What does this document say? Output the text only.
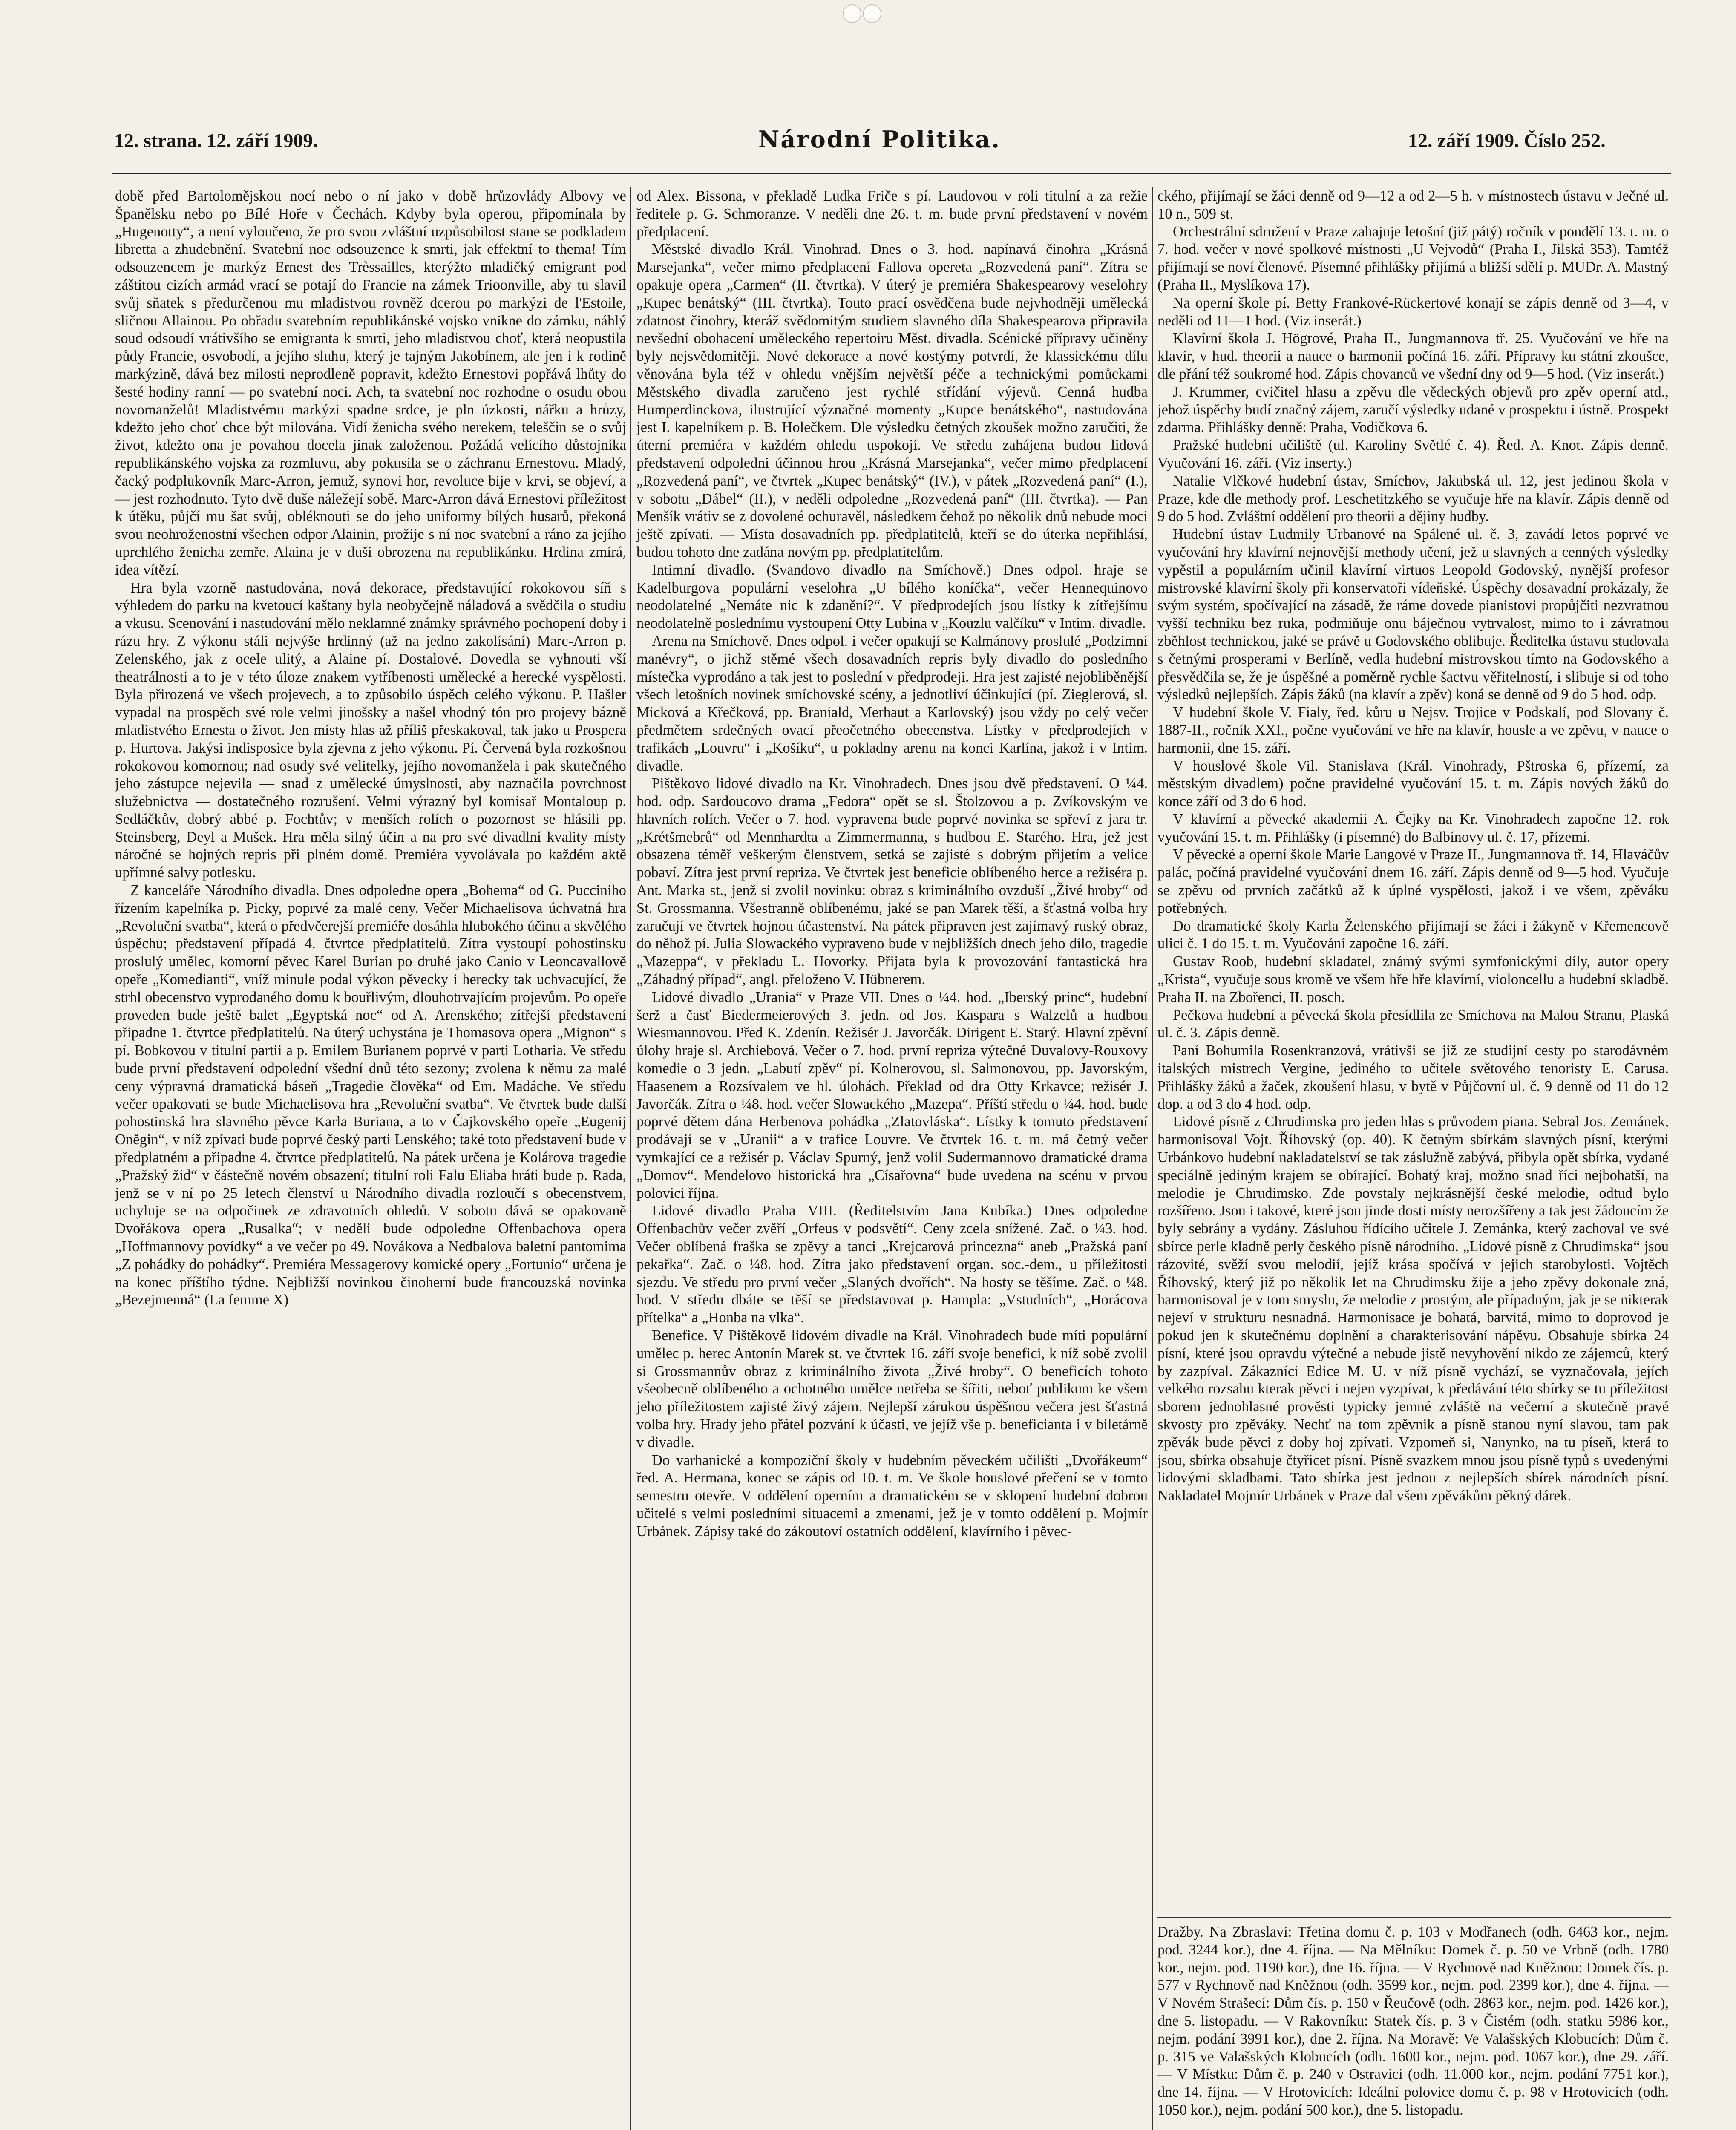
12. strana. 12. září 1909.	Národní Politika.	12. září 1909. Číslo 252.

době před Bartolomějskou nocí nebo o ní jako v době hrůzovlády Albovy ve Španělsku nebo po Bílé Hoře v Čechách. Kdyby byla operou, připomínala by „Hugenotty“, a není vyloučeno, že pro svou zvláštní uzpůsobilost stane se podkladem libretta a zhudebnění. Svatební noc odsouzence k smrti, jak effektní to thema! Tím odsouzencem je markýz Ernest des Trèssailles, kterýžto mladičký emigrant pod záštitou cizích armád vrací se potají do Francie na zámek Trioonville, aby tu slavil svůj sňatek s předurčenou mu mladistvou rovněž dcerou po markýzi de l'Estoile, sličnou Allainou. Po obřadu svatebním republikánské vojsko vnikne do zámku, náhlý soud odsoudí vrátivšího se emigranta k smrti, jeho mladistvou choť, která neopustila půdy Francie, osvobodí, a jejího sluhu, který je tajným Jakobínem, ale jen i k rodině markýzině, dává bez milosti neprodleně popravit, kdežto Ernestovi popřává lhůty do šesté hodiny ranní — po svatební noci. Ach, ta svatební noc rozhodne o osudu obou novomanželů! Mladistvému markýzi spadne srdce, je pln úzkosti, nářku a hrůzy, kdežto jeho choť chce být milována. Vidí ženicha svého nerekem, teleščin se o svůj život, kdežto ona je povahou docela jinak založenou. Požádá velícího důstojníka republikánského vojska za rozmluvu, aby pokusila se o záchranu Ernestovu. Mladý, čacký podplukovník Marc-Arron, jemuž, synovi hor, revoluce bije v krvi, se objeví, a — jest rozhodnuto. Tyto dvě duše náležejí sobě. Marc-Arron dává Ernestovi příležitost k útěku, půjčí mu šat svůj, obléknouti se do jeho uniformy bílých husarů, překoná svou neohroženostní všechen odpor Alainin, prožije s ní noc svatební a ráno za jejího uprchlého ženicha zemře. Alaina je v duši obrozena na republikánku. Hrdina zmírá, idea vítězí.

Hra byla vzorně nastudována, nová dekorace, představující rokokovou síň s výhledem do parku na kvetoucí kaštany byla neobyčejně náladová a svědčila o studiu a vkusu. Scenování i nastudování mělo neklamné známky správného pochopení doby i rázu hry. Z výkonu stáli nejvýše hrdinný (až na jedno zakolísání) Marc-Arron p. Zelenského, jak z ocele ulitý, a Alaine pí. Dostalové. Dovedla se vyhnouti vší theatrálnosti a to je v této úloze znakem vytříbenosti umělecké a herecké vyspělosti. Byla přirozená ve všech projevech, a to způsobilo úspěch celého výkonu. P. Hašler vypadal na prospěch své role velmi jinošsky a našel vhodný tón pro projevy bázně mladistvého Ernesta o život. Jen místy hlas až příliš přeskakoval, tak jako u Prospera p. Hurtova. Jakýsi indisposice byla zjevna z jeho výkonu. Pí. Červená byla rozkošnou rokokovou komornou; nad osudy své velitelky, jejího novomanžela i pak skutečného jeho zástupce nejevila — snad z umělecké úmyslnosti, aby naznačila povrchnost služebnictva — dostatečného rozrušení. Velmi výrazný byl komisař Montaloup p. Sedláčkův, dobrý abbé p. Fochtův; v menších rolích o pozornost se hlásili pp. Steinsberg, Deyl a Mušek. Hra měla silný účin a na pro své divadlní kvality místy náročné se hojných repris při plném domě. Premiéra vyvolávala po každém aktě upřímné salvy potlesku.

Z kanceláře Národního divadla. Dnes odpoledne opera „Bohema“ od G. Pucciniho řízením kapelníka p. Picky, poprvé za malé ceny. Večer Michaelisova úchvatná hra „Revoluční svatba“, která o předvčerejší premiéře dosáhla hlubokého účinu a skvělého úspěchu; představení případá 4. čtvrtce předplatitelů. Zítra vystoupí pohostinsku proslulý umělec, komorní pěvec Karel Burian po druhé jako Canio v Leoncavallově opeře „Komedianti“, vníž minule podal výkon pěvecky i herecky tak uchvacující, že strhl obecenstvo vyprodaného domu k bouřlivým, dlouhotrvajícím projevům. Po opeře proveden bude ještě balet „Egyptská noc“ od A. Arenského; zítřejší představení připadne 1. čtvrtce předplatitelů. Na úterý uchystána je Thomasova opera „Mignon“ s pí. Bobkovou v titulní partii a p. Emilem Burianem poprvé v parti Lotharia. Ve středu bude první představení odpolední všední dnů této sezony; zvolena k němu za malé ceny výpravná dramatická báseň „Tragedie člověka“ od Em. Madáche. Ve středu večer opakovati se bude Michaelisova hra „Revoluční svatba“. Ve čtvrtek bude další pohostinská hra slavného pěvce Karla Buriana, a to v Čajkovského opeře „Eugenij Oněgin“, v níž zpívati bude poprvé český parti Lenského; také toto představení bude v předplatném a připadne 4. čtvrtce předplatitelů. Na pátek určena je Kolárova tragedie „Pražský žid“ v částečně novém obsazení; titulní roli Falu Eliaba hráti bude p. Rada, jenž se v ní po 25 letech členství u Národního divadla rozloučí s obecenstvem, uchyluje se na odpočinek ze zdravotních ohledů. V sobotu dává se opakovaně Dvořákova opera „Rusalka“; v neděli bude odpoledne Offenbachova opera „Hoffmannovy povídky“ a ve večer po 49. Novákova a Nedbalova baletní pantomima „Z pohádky do pohádky“. Premiéra Messagerovy komické opery „Fortunio“ určena je na konec příštího týdne. Nejbližší novinkou činoherní bude francouzská novinka „Bezejmenná“ (La femme X)

od Alex. Bissona, v překladě Ludka Friče s pí. Laudovou v roli titulní a za režie ředitele p. G. Schmoranze. V neděli dne 26. t. m. bude první představení v novém předplacení.

Městské divadlo Král. Vinohrad. Dnes o 3. hod. napínavá činohra „Krásná Marsejanka“, večer mimo předplacení Fallova opereta „Rozvedená paní“. Zítra se opakuje opera „Carmen“ (II. čtvrtka). V úterý je premiéra Shakespearovy veselohry „Kupec benátský“ (III. čtvrtka). Touto prací osvědčena bude nejvhodněji umělecká zdatnost činohry, kteráž svědomitým studiem slavného díla Shakespearova připravila nevšední obohacení uměleckého repertoiru Měst. divadla. Scénické přípravy učiněny byly nejsvědomitěji. Nové dekorace a nové kostýmy potvrdí, že klassickému dílu věnována byla též v ohledu vnějším největší péče a technickými pomůckami Městského divadla zaručeno jest rychlé střídání výjevů. Cenná hudba Humperdinckova, ilustrující význačné momenty „Kupce benátského“, nastudována jest I. kapelníkem p. B. Holečkem. Dle výsledku četných zkoušek možno zaručiti, že úterní premiéra v každém ohledu uspokojí. Ve středu zahájena budou lidová představení odpoledni účinnou hrou „Krásná Marsejanka“, večer mimo předplacení „Rozvedená paní“, ve čtvrtek „Kupec benátský“ (IV.), v pátek „Rozvedená paní“ (I.), v sobotu „Dábel“ (II.), v neděli odpoledne „Rozvedená paní“ (III. čtvrtka). — Pan Menšík vrátiv se z dovolené ochuravěl, následkem čehož po několik dnů nebude moci ještě zpívati. — Místa dosavadních pp. předplatitelů, kteří se do úterka nepřihlásí, budou tohoto dne zadána novým pp. předplatitelům.

Intimní divadlo. (Svandovo divadlo na Smíchově.) Dnes odpol. hraje se Kadelburgova populární veselohra „U bílého koníčka“, večer Hennequinovo neodolatelné „Nemáte nic k zdanění?“. V předprodejích jsou lístky k zítřejšímu neodolatelně poslednímu vystoupení Otty Lubina v „Kouzlu valčíku“ v Intim. divadle.

Arena na Smíchově. Dnes odpol. i večer opakují se Kalmánovy proslulé „Podzimní manévry“, o jichž stěmé všech dosavadních repris byly divadlo do posledního místečka vyprodáno a tak jest to poslední v předprodeji. Hra jest zajisté nejobliběnější všech letošních novinek smíchovské scény, a jednotliví účinkující (pí. Zieglerová, sl. Micková a Křečková, pp. Braniald, Merhaut a Karlovský) jsou vždy po celý večer předmětem srdečných ovací přeočetného obecenstva. Lístky v předprodejích v trafikách „Louvru“ i „Košíku“, u pokladny arenu na konci Karlína, jakož i v Intim. divadle.

Pištěkovo lidové divadlo na Kr. Vinohradech. Dnes jsou dvě představení. O ¼4. hod. odp. Sardoucovo drama „Fedora“ opět se sl. Štolzovou a p. Zvíkovským ve hlavních rolích. Večer o 7. hod. vypravena bude poprvé novinka se spřeví z jara tr. „Krétšmebrů“ od Mennhardta a Zimmermanna, s hudbou E. Starého. Hra, jež jest obsazena téměř veškerým členstvem, setká se zajisté s dobrým přijetím a velice pobaví. Zítra jest první repriza. Ve čtvrtek jest beneficie oblíbeného herce a režiséra p. Ant. Marka st., jenž si zvolil novinku: obraz s kriminálního ovzduší „Živé hroby“ od St. Grossmanna. Všestranně oblíbenému, jaké se pan Marek těší, a šťastná volba hry zaručují ve čtvrtek hojnou účastenství. Na pátek připraven jest zajímavý ruský obraz, do něhož pí. Julia Slowackého vypraveno bude v nejbližších dnech jeho dílo, tragedie „Mazeppa“, v překladu L. Hovorky. Přijata byla k provozování fantastická hra „Záhadný případ“, angl. přeloženo V. Hübnerem.

Lidové divadlo „Urania“ v Praze VII. Dnes o ¼4. hod. „Iberský princ“, hudební šerž a časť Biedermeierových 3. jedn. od Jos. Kaspara s Walzelů a hudbou Wiesmannovou. Před K. Zdenín. Režisér J. Javorčák. Dirigent E. Starý. Hlavní zpěvní úlohy hraje sl. Archiebová. Večer o 7. hod. první repriza výtečné Duvalovy-Rouxovy komedie o 3 jedn. „Labutí zpěv“ pí. Kolnerovou, sl. Salmonovou, pp. Javorským, Haasenem a Rozsívalem ve hl. úlohách. Překlad od dra Otty Krkavce; režisér J. Javorčák. Zítra o ¼8. hod. večer Slowackého „Mazepa“. Příští středu o ¼4. hod. bude poprvé dětem dána Herbenova pohádka „Zlatovláska“. Lístky k tomuto představení prodávají se v „Uranii“ a v trafice Louvre. Ve čtvrtek 16. t. m. má četný večer vymkající ce a režisér p. Václav Spurný, jenž volil Sudermannovo dramatické drama „Domov“. Mendelovo historická hra „Císařovna“ bude uvedena na scénu v prvou polovici října.

Lidové divadlo Praha VIII. (Ředitelstvím Jana Kubíka.) Dnes odpoledne Offenbachův večer zvěří „Orfeus v podsvětí“. Ceny zcela snížené. Zač. o ¼3. hod. Večer oblíbená fraška se zpěvy a tanci „Krejcarová princezna“ aneb „Pražská paní pekařka“. Zač. o ¼8. hod. Zítra jako představení organ. soc.-dem., u příležitosti sjezdu. Ve středu pro první večer „Slaných dvořích“. Na hosty se těšíme. Zač. o ¼8. hod. V středu dbáte se těší se představovat p. Hampla: „Vstudních“, „Horácova přítelka“ a „Honba na vlka“.

Benefice. V Pištěkově lidovém divadle na Král. Vinohradech bude míti populární umělec p. herec Antonín Marek st. ve čtvrtek 16. září svoje benefici, k níž sobě zvolil si Grossmannův obraz z kriminálního života „Živé hroby“. O beneficích tohoto všeobecně oblíbeného a ochotného umělce netřeba se šířiti, neboť publikum ke všem jeho příležitostem zajisté živý zájem. Nejlepší zárukou úspěšnou večera jest šťastná volba hry. Hrady jeho přátel pozvání k účasti, ve jejíž vše p. beneficianta i v biletárně v divadle.

Do varhanické a kompoziční školy v hudebním pěveckém učilišti „Dvořákeum“ řed. A. Hermana, konec se zápis od 10. t. m. Ve škole houslové přečení se v tomto semestru otevře. V oddělení operním a dramatickém se v sklopení hudební dobrou učitelé s velmi posledními situacemi a zmenami, jež je v tomto oddělení p. Mojmír Urbánek. Zápisy také do zákoutoví ostatních oddělení, klavírního i pěvec-

ckého, přijímají se žáci denně od 9—12 a od 2—5 h. v místnostech ústavu v Ječné ul. 10 n., 509 st.

Orchestrální sdružení v Praze zahajuje letošní (již pátý) ročník v pondělí 13. t. m. o 7. hod. večer v nové spolkové místnosti „U Vejvodů“ (Praha I., Jilská 353). Tamtéž přijímají se noví členové. Písemné přihlášky přijímá a bližší sdělí p. MUDr. A. Mastný (Praha II., Myslíkova 17).

Na operní škole pí. Betty Frankové-Rückertové konají se zápis denně od 3—4, v neděli od 11—1 hod. (Viz inserát.)

Klavírní škola J. Högrové, Praha II., Jungmannova tř. 25. Vyučování ve hře na klavír, v hud. theorii a nauce o harmonii počíná 16. září. Přípravy ku státní zkoušce, dle přání též soukromé hod. Zápis chovanců ve všední dny od 9—5 hod. (Viz inserát.)

J. Krummer, cvičitel hlasu a zpěvu dle vědeckých objevů pro zpěv operní atd., jehož úspěchy budí značný zájem, zaručí výsledky udané v prospektu i ústně. Prospekt zdarma. Přihlášky denně: Praha, Vodičkova 6.

Pražské hudební učiliště (ul. Karoliny Světlé č. 4). Řed. A. Knot. Zápis denně. Vyučování 16. září. (Viz inserty.)

Natalie Vlčkové hudební ústav, Smíchov, Jakubská ul. 12, jest jedinou škola v Praze, kde dle methody prof. Leschetitzkého se vyučuje hře na klavír. Zápis denně od 9 do 5 hod. Zvláštní oddělení pro theorii a dějiny hudby.

Hudební ústav Ludmily Urbanové na Spálené ul. č. 3, zavádí letos poprvé ve vyučování hry klavírní nejnovější methody učení, jež u slavných a cenných výsledky vypěstil a populárním učinil klavírní virtuos Leopold Godovský, nynější profesor mistrovské klavírní školy při konservatoři vídeňské. Úspěchy dosavadní prokázaly, že svým systém, spočívající na zásadě, že ráme dovede pianistovi propůjčiti nezvratnou vyšší techniku bez ruka, podmiňuje onu báječnou vytrvalost, mimo to i závratnou zběhlost technickou, jaké se právě u Godovského oblibuje. Ředitelka ústavu studovala s četnými prosperami v Berlíně, vedla hudební mistrovskou tímto na Godovského a přesvědčila se, že je úspěšné a poměrně rychle šactvu věřitelností, i slibuje si od toho výsledků nejlepších. Zápis žáků (na klavír a zpěv) koná se denně od 9 do 5 hod. odp.

V hudební škole V. Fialy, řed. kůru u Nejsv. Trojice v Podskalí, pod Slovany č. 1887-II., ročník XXI., počne vyučování ve hře na klavír, housle a ve zpěvu, v nauce o harmonii, dne 15. září.

V houslové škole Vil. Stanislava (Král. Vinohrady, Pštroska 6, přízemí, za městským divadlem) počne pravidelné vyučování 15. t. m. Zápis nových žáků do konce září od 3 do 6 hod.

V klavírní a pěvecké akademii A. Čejky na Kr. Vinohradech započne 12. rok vyučování 15. t. m. Přihlášky (i písemné) do Balbínovy ul. č. 17, přízemí.

V pěvecké a operní škole Marie Langové v Praze II., Jungmannova tř. 14, Hlaváčův palác, počíná pravidelné vyučování dnem 16. září. Zápis denně od 9—5 hod. Vyučuje se zpěvu od prvních začátků až k úplné vyspělosti, jakož i ve všem, zpěváku potřebných.

Do dramatické školy Karla Želenského přijímají se žáci i žákyně v Křemencově ulici č. 1 do 15. t. m. Vyučování započne 16. září.

Gustav Roob, hudební skladatel, známý svými symfonickými díly, autor opery „Krista“, vyučuje sous kromě ve všem hře hře klavírní, violoncellu a hudební skladbě. Praha II. na Zbořenci, II. posch.

Pečkova hudební a pěvecká škola přesídlila ze Smíchova na Malou Stranu, Plaská ul. č. 3. Zápis denně.

Paní Bohumila Rosenkranzová, vrátivši se již ze studijní cesty po starodávném italských mistrech Vergine, jediného to učitele světového tenoristy E. Carusa. Přihlášky žáků a žaček, zkoušení hlasu, v bytě v Půjčovní ul. č. 9 denně od 11 do 12 dop. a od 3 do 4 hod. odp.

Lidové písně z Chrudimska pro jeden hlas s průvodem piana. Sebral Jos. Zemánek, harmonisoval Vojt. Říhovský (op. 40). K četným sbírkám slavných písní, kterými Urbánkovo hudební nakladatelství se tak záslužně zabývá, přibyla opět sbírka, vydané speciálně jediným krajem se obírající. Bohatý kraj, možno snad říci nejbohatší, na melodie je Chrudimsko. Zde povstaly nejkrásnější české melodie, odtud bylo rozšířeno. Jsou i takové, které jsou jinde dosti místy nerozšířeny a tak jest žádoucím že byly sebrány a vydány. Zásluhou řídícího učitele J. Zemánka, který zachoval ve své sbírce perle kladně perly českého písně národního. „Lidové písně z Chrudimska“ jsou rázovité, svěží svou melodií, jejíž krása spočívá v jejich starobylosti. Vojtěch Říhovský, který již po několik let na Chrudimsku žije a jeho zpěvy dokonale zná, harmonisoval je v tom smyslu, že melodie z prostým, ale případným, jak je se nikterak nejeví v strukturu nesnadná. Harmonisace je bohatá, barvitá, mimo to doprovod je pokud jen k skutečnému doplnění a charakterisování nápěvu. Obsahuje sbírka 24 písní, které jsou opravdu výtečné a nebude jistě nevyhovění nikdo ze zájemců, který by zazpíval. Zákazníci Edice M. U. v níž písně vychází, se vyznačovala, jejích velkého rozsahu kterak pěvci i nejen vyzpívat, k předávání této sbírky se tu příležitost sborem jednohlasné prověsti typicky jemné zvláště na večerní a skutečně pravé skvosty pro zpěváky. Nechť na tom zpěvnik a písně stanou nyní slavou, tam pak zpěvák bude pěvci z doby hoj zpívati. Vzpomeň si, Nanynko, na tu píseň, která to jsou, sbírka obsahuje čtyřicet písní. Písně svazkem mnou jsou písně typů s uvedenými lidovými skladbami. Tato sbírka jest jednou z nejlepších sbírek národních písní. Nakladatel Mojmír Urbánek v Praze dal všem zpěvákům pěkný dárek.

Dražby. Na Zbraslavi: Třetina domu č. p. 103 v Modřanech (odh. 6463 kor., nejm. pod. 3244 kor.), dne 4. října. — Na Mělníku: Domek č. p. 50 ve Vrbně (odh. 1780 kor., nejm. pod. 1190 kor.), dne 16. října. — V Rychnově nad Kněžnou: Domek čís. p. 577 v Rychnově nad Kněžnou (odh. 3599 kor., nejm. pod. 2399 kor.), dne 4. října. — V Novém Strašecí: Dům čís. p. 150 v Řeučově (odh. 2863 kor., nejm. pod. 1426 kor.), dne 5. listopadu. — V Rakovníku: Statek čís. p. 3 v Čistém (odh. statku 5986 kor., nejm. podání 3991 kor.), dne 2. října. Na Moravě: Ve Valašských Klobucích: Dům č. p. 315 ve Valašských Klobucích (odh. 1600 kor., nejm. pod. 1067 kor.), dne 29. září. — V Místku: Dům č. p. 240 v Ostravici (odh. 11.000 kor., nejm. podání 7751 kor.), dne 14. října. — V Hrotovicích: Ideální polovice domu č. p. 98 v Hrotovicích (odh. 1050 kor.), nejm. podání 500 kor.), dne 5. listopadu.
